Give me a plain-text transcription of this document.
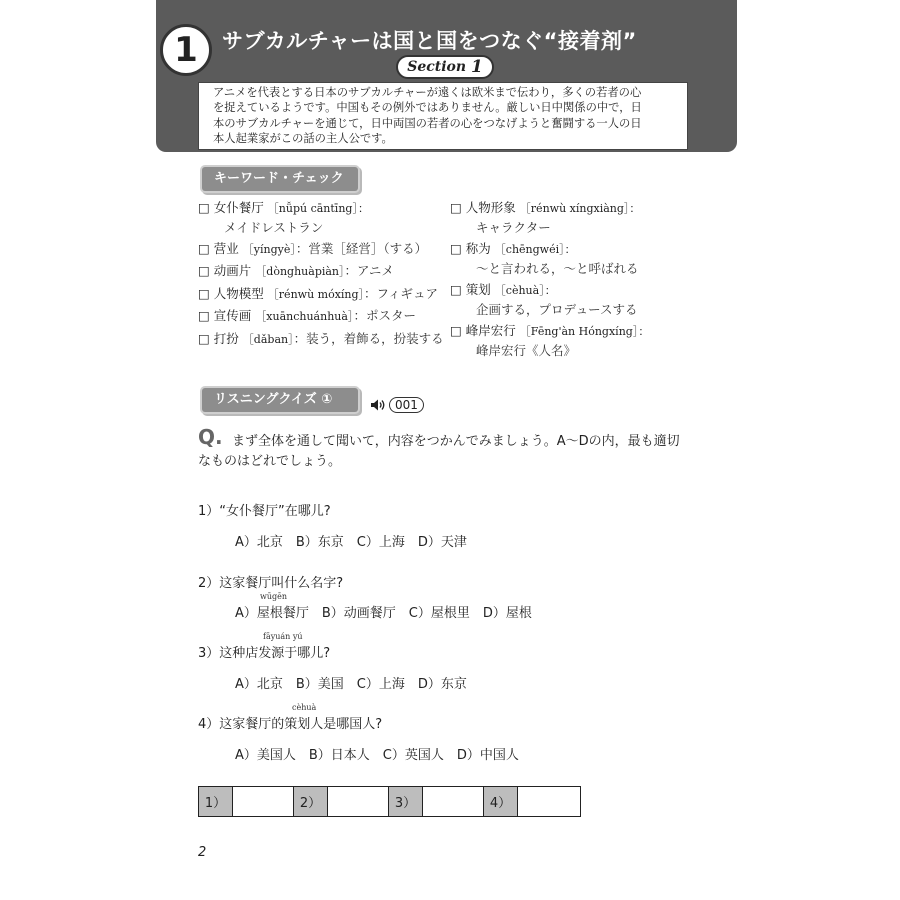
1	サブカルチャーは国と国をつなぐ“接着剤”
Section
1
アニメを代表とする日本のサブカルチャーが遠くは欧米まで伝わり，多くの若者の心
を捉えているようです。中国もその例外ではありません。厳しい日中関係の中で，日
本のサブカルチャーを通じて，日中両国の若者の心をつなげようと奮闘する一人の日
本人起業家がこの話の主人公です。
キーワード・チェック
□ 女仆餐厅 ［nǚpú cāntīng］：
メイドレストラン
□ 营业 ［yíngyè］：営業［経営］（する）
□ 动画片 ［dònghuàpiàn］：アニメ
□ 人物模型 ［rénwù móxíng］：フィギュア
□ 宣传画 ［xuānchuánhuà］：ポスター
□ 打扮 ［dǎban］：装う，着飾る，扮装する
□ 人物形象 ［rénwù xíngxiàng］：
キャラクター
□ 称为 ［chēngwéi］：
～と言われる，～と呼ばれる
□ 策划 ［cèhuà］：
企画する，プロデュースする
□ 峰岸宏行 ［Fēng'àn Hóngxíng］：
峰岸宏行《人名》
リスニングクイズ ①	001
Q. まず全体を通して聞いて，内容をつかんでみましょう。A～Dの内，最も適切
なものはどれでしょう。
1）“女仆餐厅”在哪儿?
A）北京　B）东京　C）上海　D）天津
2）这家餐厅叫什么名字?
wūgēn
A）屋根餐厅　B）动画餐厅　C）屋根里　D）屋根
fāyuán yú
3）这种店发源于哪儿?
A）北京　B）美国　C）上海　D）东京
cèhuà
4）这家餐厅的策划人是哪国人?
A）美国人　B）日本人　C）英国人　D）中国人
1）	2）	3）	4）
2
